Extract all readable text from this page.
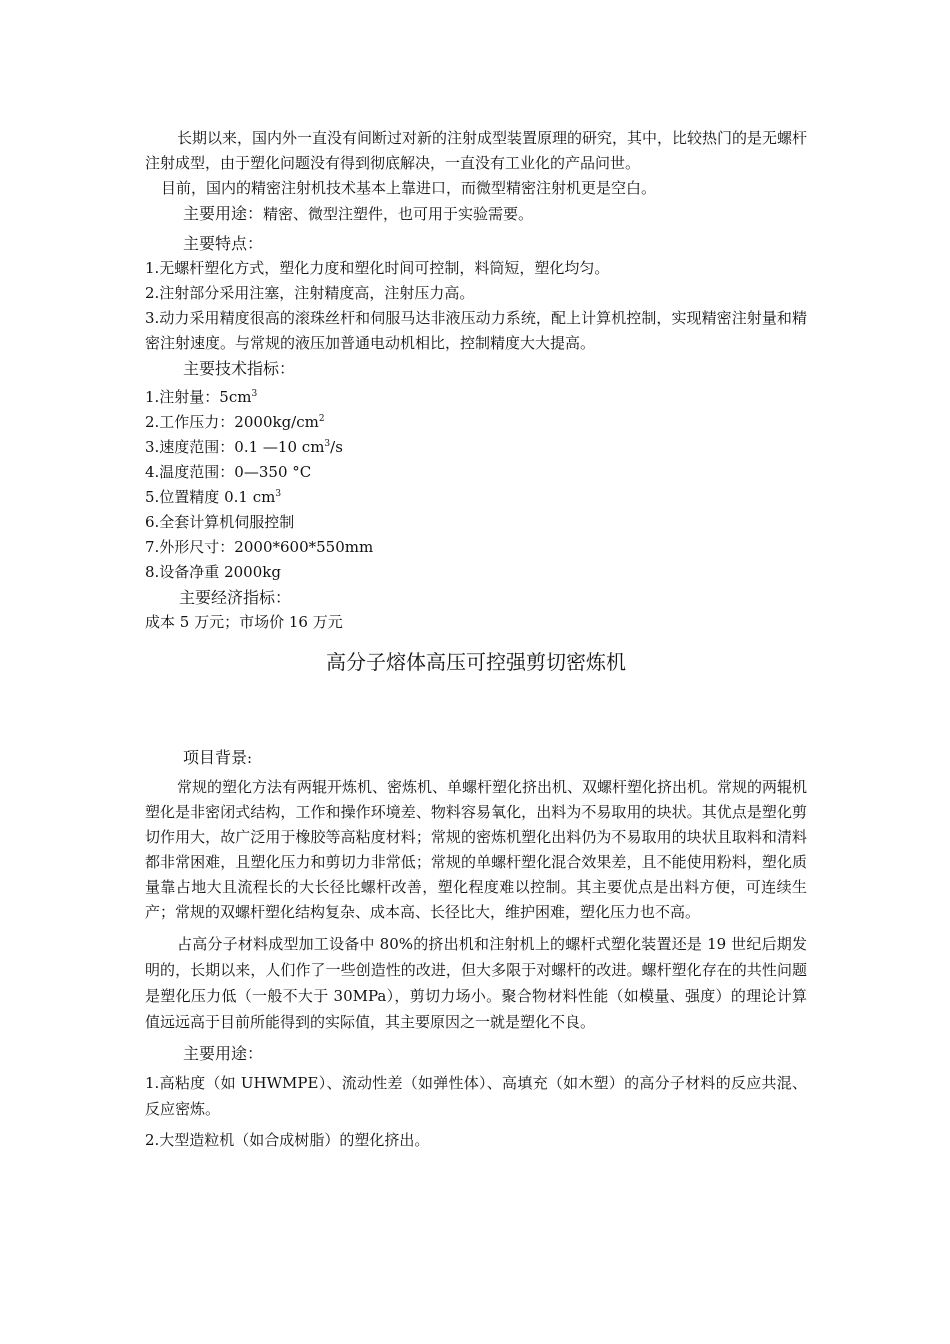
长期以来，国内外一直没有间断过对新的注射成型装置原理的研究，其中，比较热门的是无螺杆注射成型，由于塑化问题没有得到彻底解决，一直没有工业化的产品问世。

目前，国内的精密注射机技术基本上靠进口，而微型精密注射机更是空白。

主要用途：精密、微型注塑件，也可用于实验需要。

主要特点：

1.无螺杆塑化方式，塑化力度和塑化时间可控制，料筒短，塑化均匀。

2.注射部分采用注塞，注射精度高，注射压力高。

3.动力采用精度很高的滚珠丝杆和伺服马达非液压动力系统，配上计算机控制，实现精密注射量和精密注射速度。与常规的液压加普通电动机相比，控制精度大大提高。

主要技术指标：

1.注射量：$5cm^3$
2.工作压力：$2000kg/cm^2$
3.速度范围：0.1 —10 $cm^3/s$
4.温度范围：0—350 °C
5.位置精度 0.1 $cm^3$
6.全套计算机伺服控制
7.外形尺寸：2000*600*550mm
8.设备净重 2000kg

主要经济指标：

成本 5 万元；市场价 16 万元

高分子熔体高压可控强剪切密炼机

项目背景:

常规的塑化方法有两辊开炼机、密炼机、单螺杆塑化挤出机、双螺杆塑化挤出机。常规的两辊机塑化是非密闭式结构，工作和操作环境差、物料容易氧化，出料为不易取用的块状。其优点是塑化剪切作用大，故广泛用于橡胶等高粘度材料；常规的密炼机塑化出料仍为不易取用的块状且取料和清料都非常困难，且塑化压力和剪切力非常低；常规的单螺杆塑化混合效果差，且不能使用粉料，塑化质量靠占地大且流程长的大长径比螺杆改善，塑化程度难以控制。其主要优点是出料方便，可连续生产；常规的双螺杆塑化结构复杂、成本高、长径比大，维护困难，塑化压力也不高。

占高分子材料成型加工设备中 80%的挤出机和注射机上的螺杆式塑化装置还是 19 世纪后期发明的，长期以来，人们作了一些创造性的改进，但大多限于对螺杆的改进。螺杆塑化存在的共性问题是塑化压力低（一般不大于 30MPa），剪切力场小。聚合物材料性能（如模量、强度）的理论计算值远远高于目前所能得到的实际值，其主要原因之一就是塑化不良。

主要用途：

1.高粘度（如 UHWMPE）、流动性差（如弹性体）、高填充（如木塑）的高分子材料的反应共混、反应密炼。

2.大型造粒机（如合成树脂）的塑化挤出。
